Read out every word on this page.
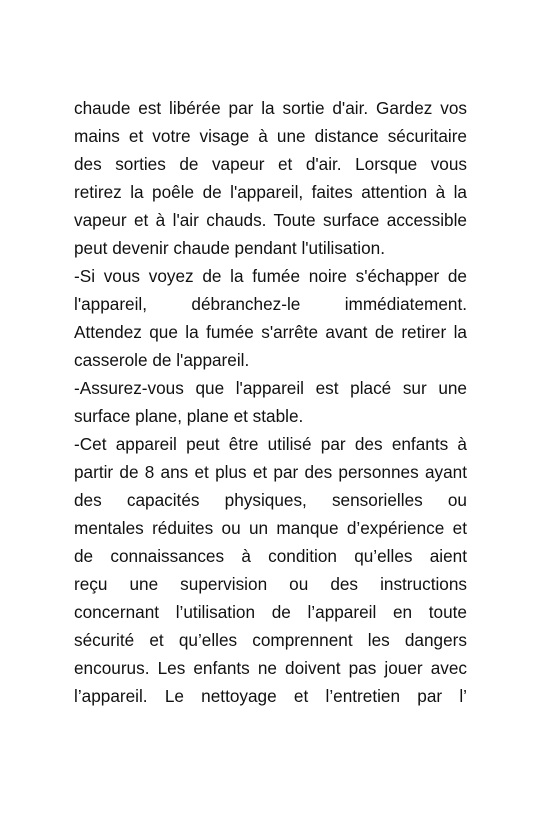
chaude est libérée par la sortie d'air. Gardez vos
mains et votre visage à une distance sécuritaire
des sorties de vapeur et d'air. Lorsque vous
retirez la poêle de l'appareil, faites attention à la
vapeur et à l'air chauds. Toute surface accessible
peut devenir chaude pendant l'utilisation.
-Si vous voyez de la fumée noire s'échapper de
l'appareil, débranchez-le immédiatement.
Attendez que la fumée s'arrête avant de retirer la
casserole de l'appareil.
-Assurez-vous que l'appareil est placé sur une
surface plane, plane et stable.
-Cet appareil peut être utilisé par des enfants à
partir de 8 ans et plus et par des personnes ayant
des capacités physiques, sensorielles ou
mentales réduites ou un manque d’expérience et
de connaissances à condition qu’elles aient
reçu une supervision ou des instructions
concernant l’utilisation de l’appareil en toute
sécurité et qu’elles comprennent les dangers
encourus. Les enfants ne doivent pas jouer avec
l’appareil. Le nettoyage et l’entretien par l’
